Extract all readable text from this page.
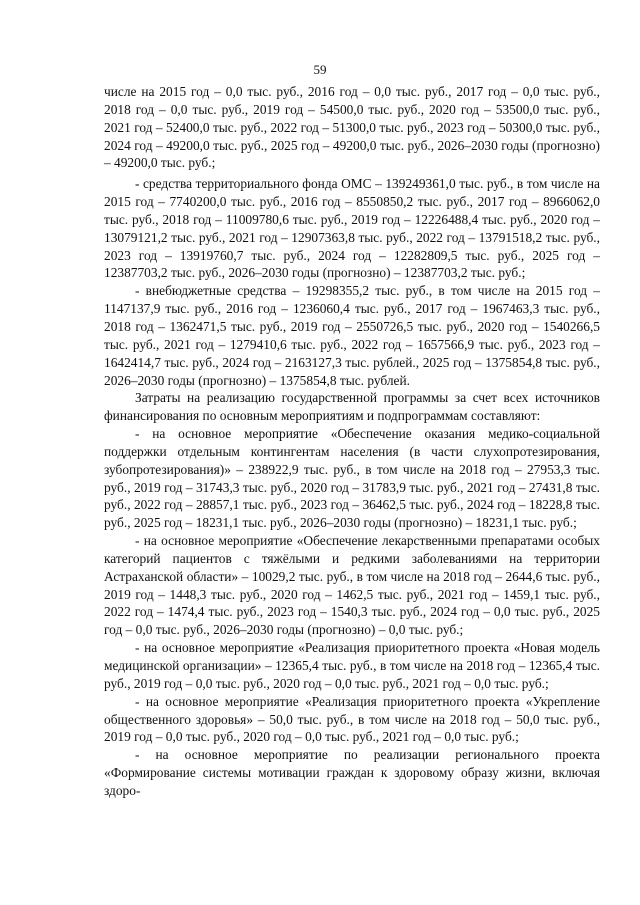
59

числе на 2015 год – 0,0 тыс. руб., 2016 год – 0,0 тыс. руб., 2017 год – 0,0 тыс. руб., 2018 год – 0,0 тыс. руб., 2019 год – 54500,0 тыс. руб., 2020 год – 53500,0 тыс. руб., 2021 год – 52400,0 тыс. руб., 2022 год – 51300,0 тыс. руб., 2023 год – 50300,0 тыс. руб., 2024 год – 49200,0 тыс. руб., 2025 год – 49200,0 тыс. руб., 2026–2030 годы (прогнозно) – 49200,0 тыс. руб.;

- средства территориального фонда ОМС – 139249361,0 тыс. руб., в том числе на 2015 год – 7740200,0 тыс. руб., 2016 год – 8550850,2 тыс. руб., 2017 год – 8966062,0 тыс. руб., 2018 год – 11009780,6 тыс. руб., 2019 год – 12226488,4 тыс. руб., 2020 год – 13079121,2 тыс. руб., 2021 год – 12907363,8 тыс. руб., 2022 год – 13791518,2 тыс. руб., 2023 год – 13919760,7 тыс. руб., 2024 год – 12282809,5 тыс. руб., 2025 год – 12387703,2 тыс. руб., 2026–2030 годы (прогнозно) – 12387703,2 тыс. руб.;

- внебюджетные средства – 19298355,2 тыс. руб., в том числе на 2015 год – 1147137,9 тыс. руб., 2016 год – 1236060,4 тыс. руб., 2017 год – 1967463,3 тыс. руб., 2018 год – 1362471,5 тыс. руб., 2019 год – 2550726,5 тыс. руб., 2020 год – 1540266,5 тыс. руб., 2021 год – 1279410,6 тыс. руб., 2022 год – 1657566,9 тыс. руб., 2023 год – 1642414,7 тыс. руб., 2024 год – 2163127,3 тыс. рублей., 2025 год – 1375854,8 тыс. руб., 2026–2030 годы (прогнозно) – 1375854,8 тыс. рублей.

Затраты на реализацию государственной программы за счет всех источников финансирования по основным мероприятиям и подпрограммам составляют:

- на основное мероприятие «Обеспечение оказания медико-социальной поддержки отдельным контингентам населения (в части слухопротезирования, зубопротезирования)» – 238922,9 тыс. руб., в том числе на 2018 год – 27953,3 тыс. руб., 2019 год – 31743,3 тыс. руб., 2020 год – 31783,9 тыс. руб., 2021 год – 27431,8 тыс. руб., 2022 год – 28857,1 тыс. руб., 2023 год – 36462,5 тыс. руб., 2024 год – 18228,8 тыс. руб., 2025 год – 18231,1 тыс. руб., 2026–2030 годы (прогнозно) – 18231,1 тыс. руб.;

- на основное мероприятие «Обеспечение лекарственными препаратами особых категорий пациентов с тяжёлыми и редкими заболеваниями на территории Астраханской области» – 10029,2 тыс. руб., в том числе на 2018 год – 2644,6 тыс. руб., 2019 год – 1448,3 тыс. руб., 2020 год – 1462,5 тыс. руб., 2021 год – 1459,1 тыс. руб., 2022 год – 1474,4 тыс. руб., 2023 год – 1540,3 тыс. руб., 2024 год – 0,0 тыс. руб., 2025 год – 0,0 тыс. руб., 2026–2030 годы (прогнозно) – 0,0 тыс. руб.;

- на основное мероприятие «Реализация приоритетного проекта «Новая модель медицинской организации» – 12365,4 тыс. руб., в том числе на 2018 год – 12365,4 тыс. руб., 2019 год – 0,0 тыс. руб., 2020 год – 0,0 тыс. руб., 2021 год – 0,0 тыс. руб.;

- на основное мероприятие «Реализация приоритетного проекта «Укрепление общественного здоровья» – 50,0 тыс. руб., в том числе на 2018 год – 50,0 тыс. руб., 2019 год – 0,0 тыс. руб., 2020 год – 0,0 тыс. руб., 2021 год – 0,0 тыс. руб.;

- на основное мероприятие по реализации регионального проекта «Формирование системы мотивации граждан к здоровому образу жизни, включая здоро-
